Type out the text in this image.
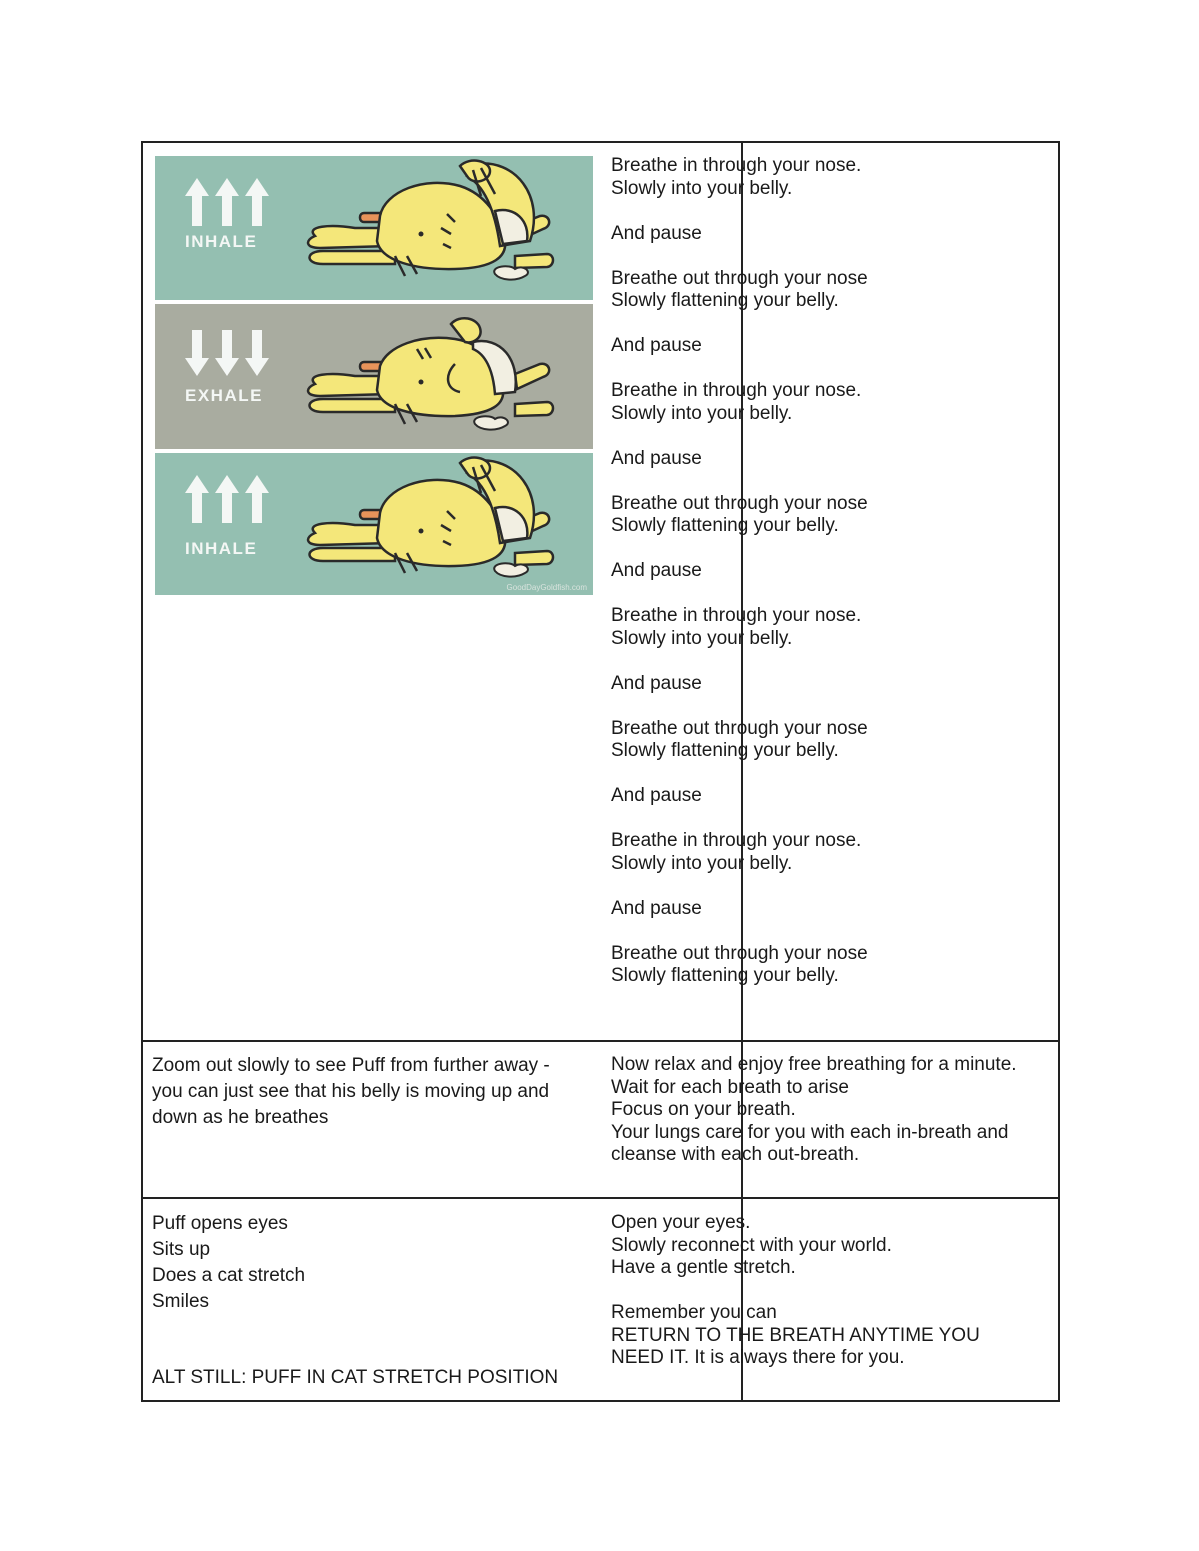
INHALE
EXHALE
INHALE
GoodDayGoldfish.com

Breathe in through your nose.

Slowly into your belly.

And pause

Breathe out through your nose

Slowly flattening your belly.

And pause

Breathe in through your nose.

Slowly into your belly.

And pause

Breathe out through your nose

Slowly flattening your belly.

And pause

Breathe in through your nose.

Slowly into your belly.

And pause

Breathe out through your nose

Slowly flattening your belly.

And pause

Breathe in through your nose.

Slowly into your belly.

And pause

Breathe out through your nose

Slowly flattening your belly.

Zoom out slowly to see Puff from further away - you can just see that his belly is moving up and down as he breathes

Now relax and enjoy free breathing for a minute.

Wait for each breath to arise

Focus on your breath.

Your lungs care for you with each in-breath and cleanse with each out-breath.

Puff opens eyes

Sits up

Does a cat stretch

Smiles

ALT STILL: PUFF IN CAT STRETCH POSITION

Open your eyes.

Slowly reconnect with your world.

Have a gentle stretch.

Remember you can

RETURN TO THE BREATH ANYTIME YOU NEED IT. It is always there for you.
